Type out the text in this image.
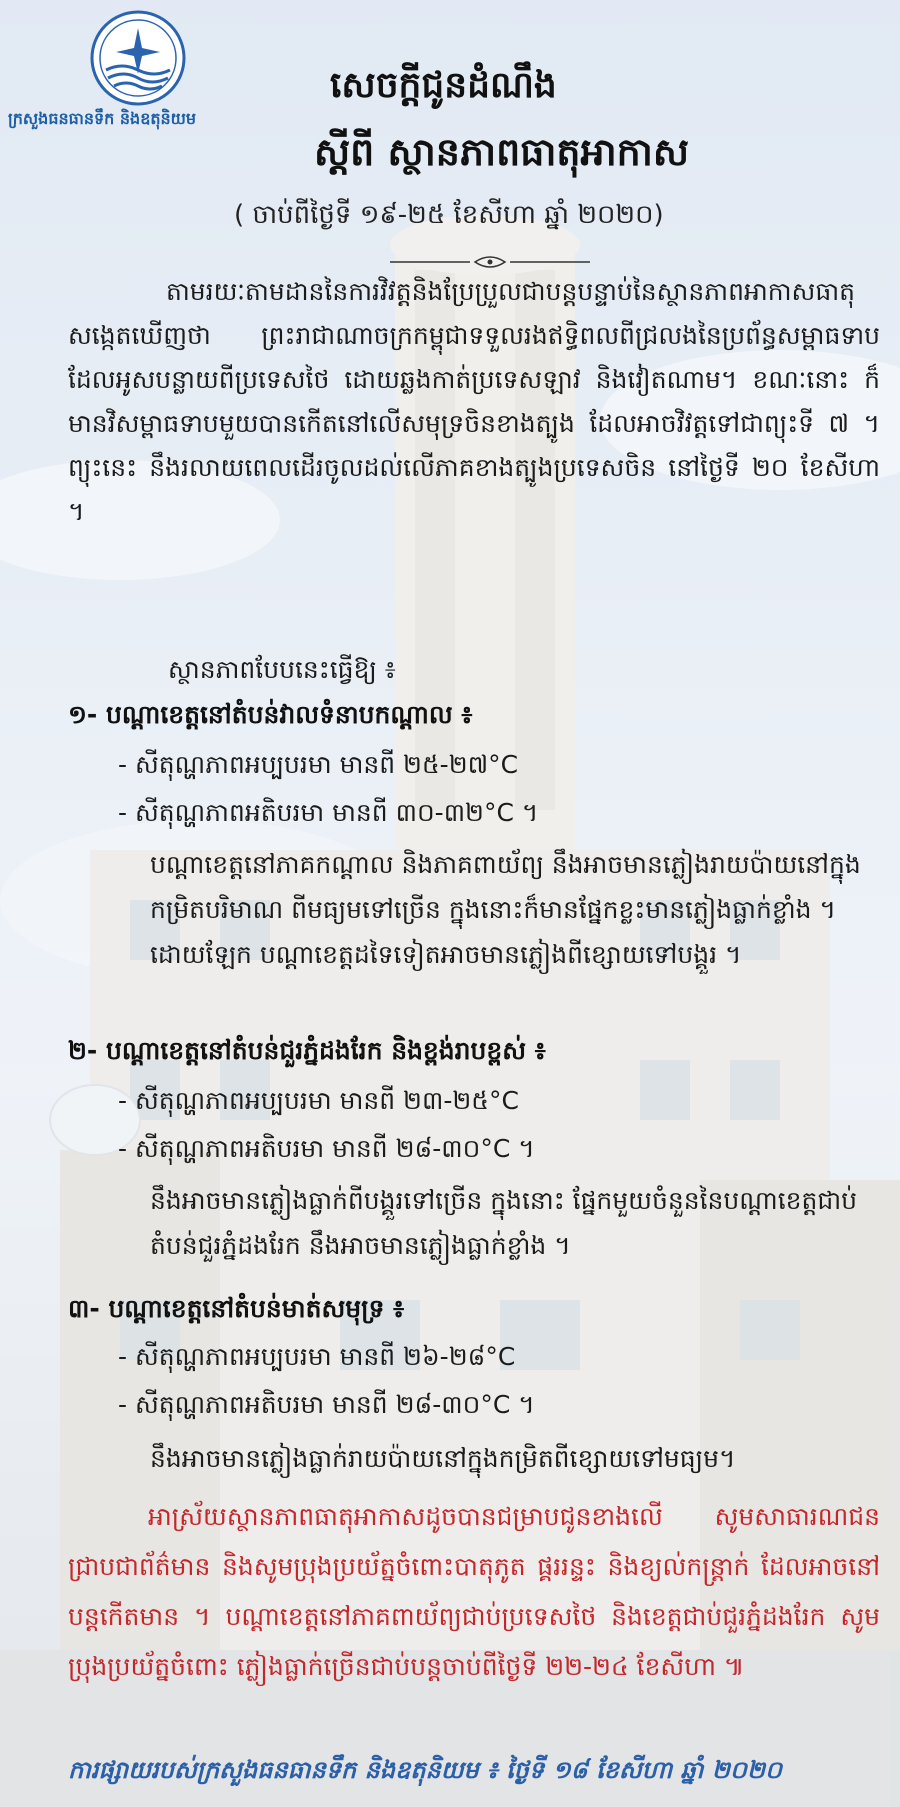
ក្រសួងធនធានទឹក និងឧតុនិយម
សេចក្តីជូនដំណឹង
ស្តីពី ស្ថានភាពធាតុអាកាស
( ចាប់ពីថ្ងៃទី ១៩-២៥ ខែសីហា ឆ្នាំ ២០២០)
តាមរយៈតាមដាននៃការវិវត្តនិងប្រែប្រួលជាបន្តបន្ទាប់នៃស្ថានភាពអាកាសធាតុ សង្កេតឃើញថា ព្រះរាជាណាចក្រកម្ពុជាទទួលរងឥទ្ធិពលពីជ្រលងនៃប្រព័ន្ធសម្ពាធទាប ដែលអូសបន្លាយពីប្រទេសថៃ ដោយឆ្លងកាត់ប្រទេសឡាវ និងវៀតណាម។ ខណៈនោះ ក៏មានវិសម្ពាធទាបមួយបានកើតនៅលើសមុទ្រចិនខាងត្បូង ដែលអាចវិវត្តទៅជាព្យុះទី ៧ ។ ព្យុះនេះ នឹងរលាយពេលដើរចូលដល់លើភាគខាងត្បូងប្រទេសចិន នៅថ្ងៃទី ២០ ខែសីហា ។
ស្ថានភាពបែបនេះធ្វើឱ្យ ៖
១- បណ្តាខេត្តនៅតំបន់វាលទំនាបកណ្តាល ៖
- សីតុណ្ហភាពអប្បបរមា មានពី ២៥-២៧°C
- សីតុណ្ហភាពអតិបរមា មានពី ៣០-៣២°C ។
បណ្តាខេត្តនៅភាគកណ្តាល និងភាគពាយ័ព្យ នឹងអាចមានភ្លៀងរាយប៉ាយនៅក្នុងកម្រិតបរិមាណ ពីមធ្យមទៅច្រើន ក្នុងនោះក៏មានផ្នែកខ្លះមានភ្លៀងធ្លាក់ខ្លាំង ។ ដោយឡែក បណ្តាខេត្តដទៃទៀតអាចមានភ្លៀងពីខ្សោយទៅបង្គួរ ។
២- បណ្តាខេត្តនៅតំបន់ជួរភ្នំដងរែក និងខ្ពង់រាបខ្ពស់ ៖
- សីតុណ្ហភាពអប្បបរមា មានពី ២៣-២៥°C
- សីតុណ្ហភាពអតិបរមា មានពី ២៨-៣០°C ។
នឹងអាចមានភ្លៀងធ្លាក់ពីបង្គួរទៅច្រើន ក្នុងនោះ ផ្នែកមួយចំនួននៃបណ្តាខេត្តជាប់តំបន់ជួរភ្នំដងរែក នឹងអាចមានភ្លៀងធ្លាក់ខ្លាំង ។
៣- បណ្តាខេត្តនៅតំបន់មាត់សមុទ្រ ៖
- សីតុណ្ហភាពអប្បបរមា មានពី ២៦-២៨°C
- សីតុណ្ហភាពអតិបរមា មានពី ២៨-៣០°C ។
នឹងអាចមានភ្លៀងធ្លាក់រាយប៉ាយនៅក្នុងកម្រិតពីខ្សោយទៅមធ្យម។
អាស្រ័យស្ថានភាពធាតុអាកាសដូចបានជម្រាបជូនខាងលើ សូមសាធារណជន ជ្រាបជាព័ត៌មាន និងសូមប្រុងប្រយ័ត្នចំពោះបាតុភូត ផ្គររន្ទះ និងខ្យល់កន្ត្រាក់ ដែលអាចនៅបន្តកើតមាន ។ បណ្តាខេត្តនៅភាគពាយ័ព្យជាប់ប្រទេសថៃ និងខេត្តជាប់ជួរភ្នំដងរែក សូមប្រុងប្រយ័ត្នចំពោះ ភ្លៀងធ្លាក់ច្រើនជាប់បន្តចាប់ពីថ្ងៃទី ២២-២៤ ខែសីហា ៕
ការផ្សាយរបស់ក្រសួងធនធានទឹក និងឧតុនិយម ៖ ថ្ងៃទី ១៨ ខែសីហា ឆ្នាំ ២០២០
